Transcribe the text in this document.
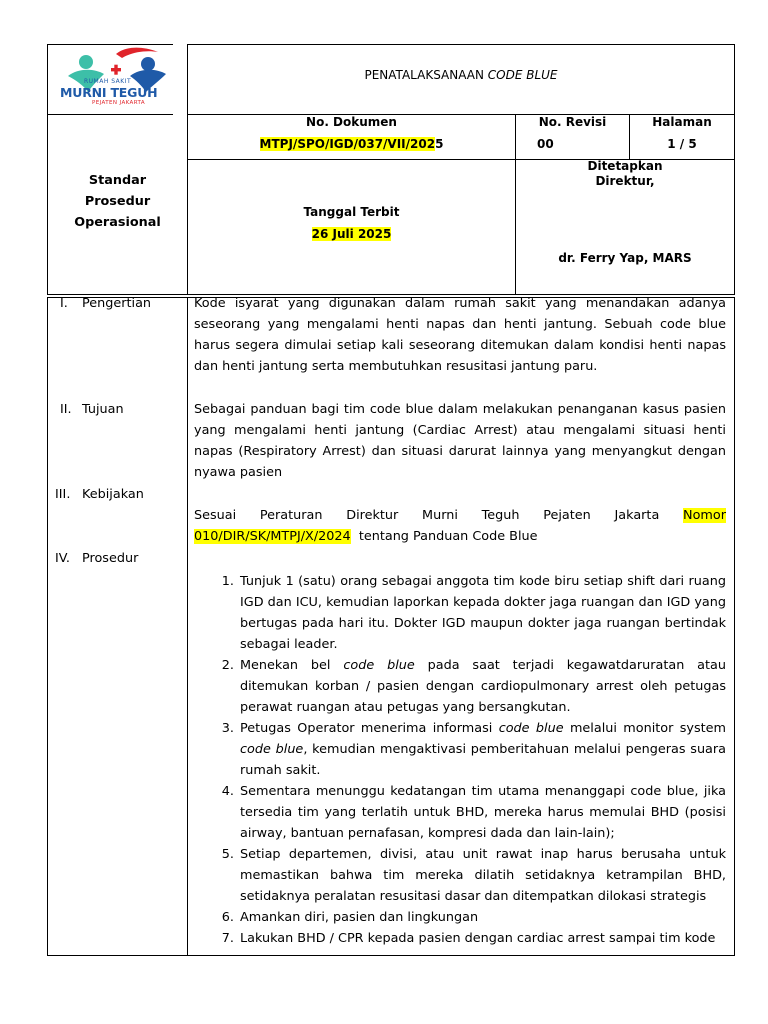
RUMAH SAKIT
MURNI TEGUH
PEJATEN JAKARTA
PENATALAKSANAAN CODE BLUE
Standar
Prosedur
Operasional
No. Dokumen
MTPJ/SPO/IGD/037/VII/2025
No. Revisi
00
Halaman
1 / 5
Tanggal Terbit
26 Juli 2025
Ditetapkan
Direktur,
dr. Ferry Yap, MARS
I. Pengertian
II. Tujuan
III. Kebijakan
IV. Prosedur
Kode isyarat yang digunakan dalam rumah sakit yang menandakan adanya seseorang yang mengalami henti napas dan henti jantung. Sebuah code blue harus segera dimulai setiap kali seseorang ditemukan dalam kondisi henti napas dan henti jantung serta membutuhkan resusitasi jantung paru.
Sebagai panduan bagi tim code blue dalam melakukan penanganan kasus pasien yang mengalami henti jantung (Cardiac Arrest) atau mengalami situasi henti napas (Respiratory Arrest) dan situasi darurat lainnya yang menyangkut dengan nyawa pasien
Sesuai Peraturan Direktur Murni Teguh Pejaten Jakarta Nomor 010/DIR/SK/MTPJ/X/2024  tentang Panduan Code Blue
1. Tunjuk 1 (satu) orang sebagai anggota tim kode biru setiap shift dari ruang IGD dan ICU, kemudian laporkan kepada dokter jaga ruangan dan IGD yang bertugas pada hari itu. Dokter IGD maupun dokter jaga ruangan bertindak sebagai leader.
2. Menekan bel code blue pada saat terjadi kegawatdaruratan atau ditemukan korban / pasien dengan cardiopulmonary arrest oleh petugas perawat ruangan atau petugas yang bersangkutan.
3. Petugas Operator menerima informasi code blue melalui monitor system code blue, kemudian mengaktivasi pemberitahuan melalui pengeras suara rumah sakit.
4. Sementara menunggu kedatangan tim utama menanggapi code blue, jika tersedia tim yang terlatih untuk BHD, mereka harus memulai BHD (posisi airway, bantuan pernafasan, kompresi dada dan lain-lain);
5. Setiap departemen, divisi, atau unit rawat inap harus berusaha untuk memastikan bahwa tim mereka dilatih setidaknya ketrampilan BHD, setidaknya peralatan resusitasi dasar dan ditempatkan dilokasi strategis
6. Amankan diri, pasien dan lingkungan
7. Lakukan BHD / CPR kepada pasien dengan cardiac arrest sampai tim kode
